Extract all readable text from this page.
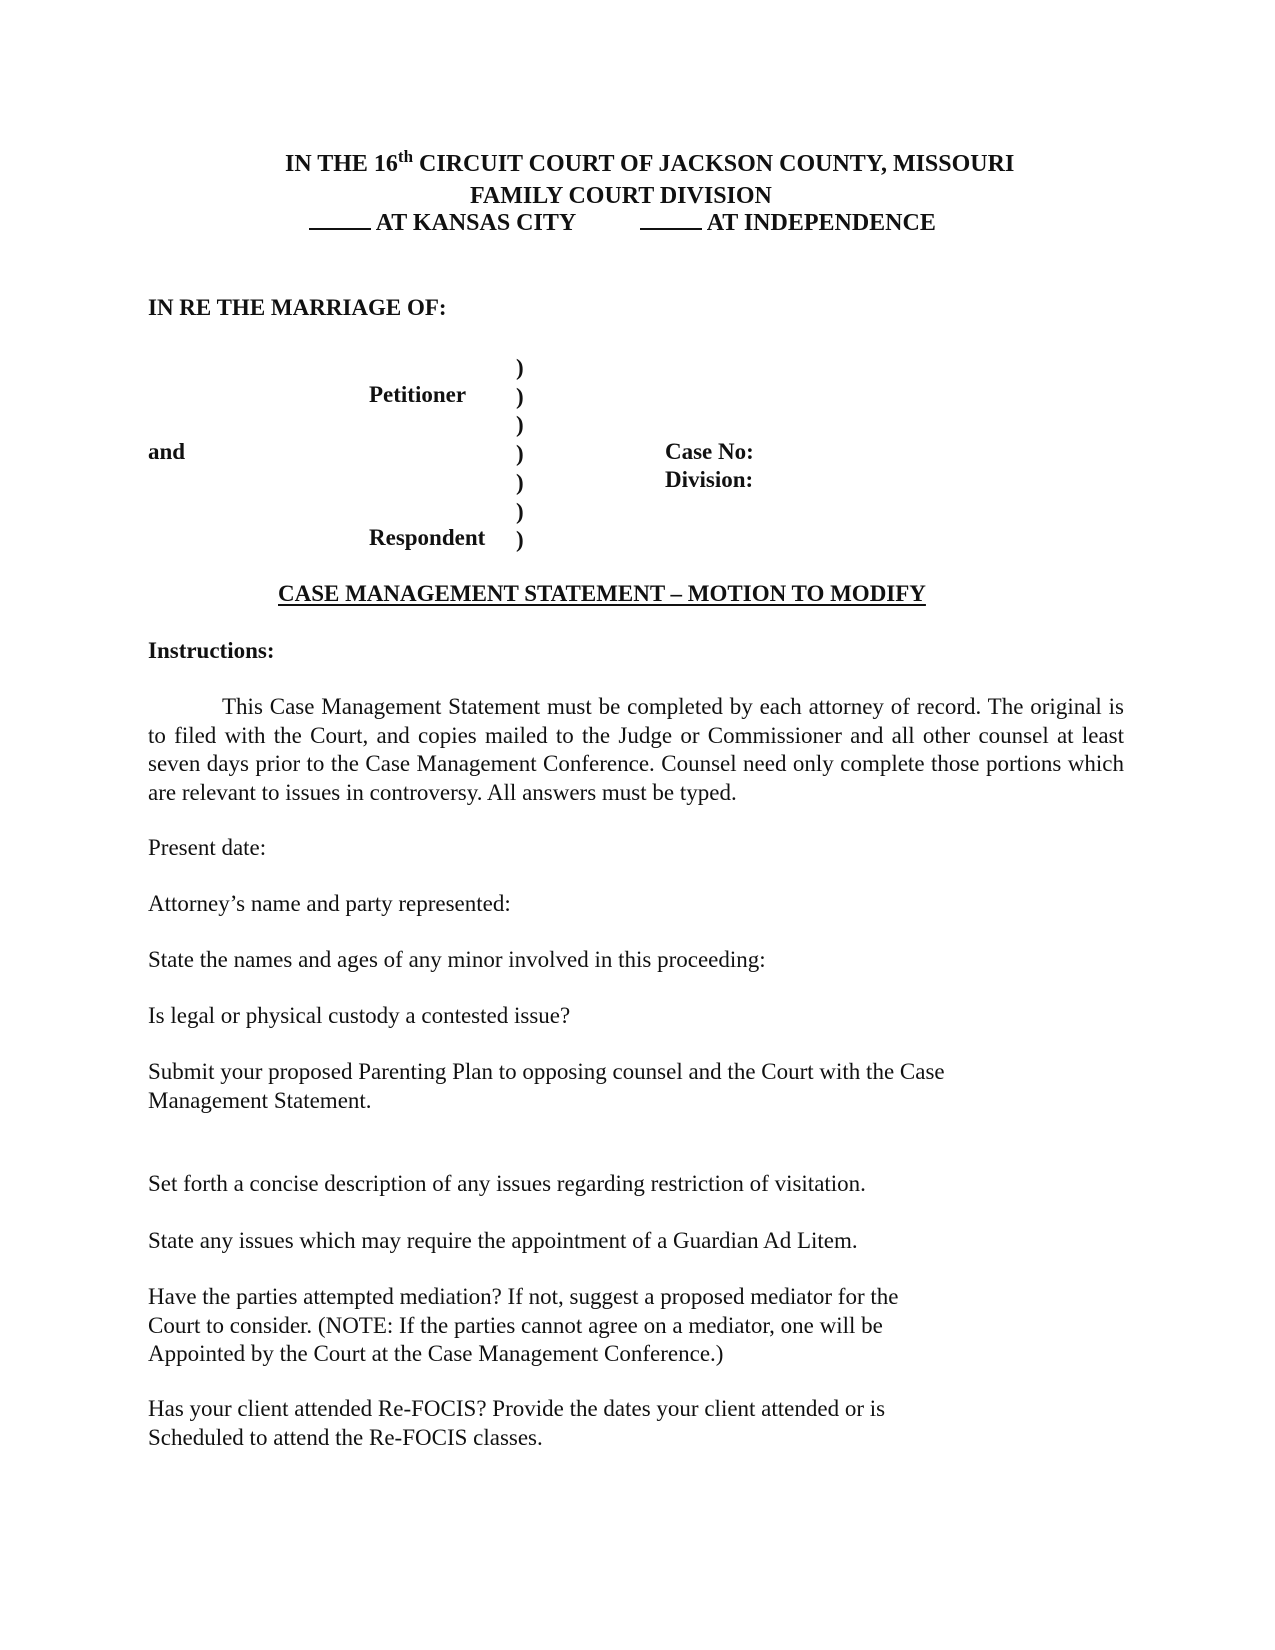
IN THE 16th CIRCUIT COURT OF JACKSON COUNTY, MISSOURI
FAMILY COURT DIVISION
AT KANSAS CITY	AT INDEPENDENCE
IN RE THE MARRIAGE OF:
)
)
)
)
)
)
)
Petitioner
and	Case No:
Division:
Respondent
CASE MANAGEMENT STATEMENT – MOTION TO MODIFY
Instructions:
This Case Management Statement must be completed by each attorney of record. The original is to filed with the Court, and copies mailed to the Judge or Commissioner and all other counsel at least seven days prior to the Case Management Conference. Counsel need only complete those portions which are relevant to issues in controversy. All answers must be typed.
Present date:
Attorney’s name and party represented:
State the names and ages of any minor involved in this proceeding:
Is legal or physical custody a contested issue?
Submit your proposed Parenting Plan to opposing counsel and the Court with the Case
Management Statement.
Set forth a concise description of any issues regarding restriction of visitation.
State any issues which may require the appointment of a Guardian Ad Litem.
Have the parties attempted mediation? If not, suggest a proposed mediator for the
Court to consider. (NOTE: If the parties cannot agree on a mediator, one will be
Appointed by the Court at the Case Management Conference.)
Has your client attended Re-FOCIS? Provide the dates your client attended or is
Scheduled to attend the Re-FOCIS classes.
